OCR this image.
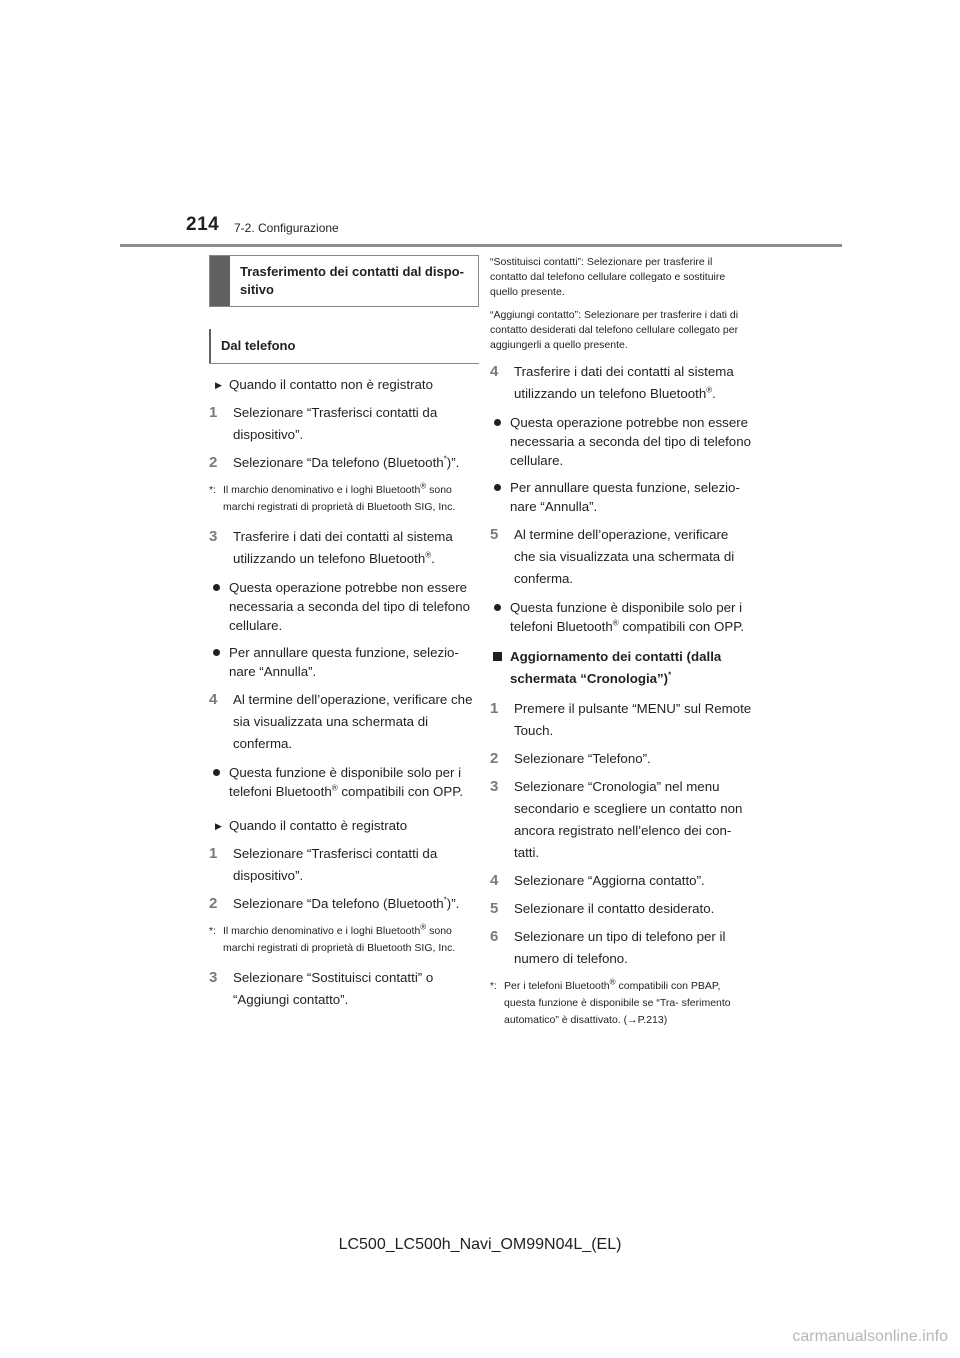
214 7-2. Configurazione
Trasferimento dei contatti dal dispo- sitivo
Dal telefono
▶ Quando il contatto non è registrato
1 Selezionare “Trasferisci contatti da dispositivo”.
2 Selezionare “Da telefono (Bluetooth*)”.
*: Il marchio denominativo e i loghi Bluetooth® sono marchi registrati di proprietà di Bluetooth SIG, Inc.
3 Trasferire i dati dei contatti al sistema utilizzando un telefono Bluetooth®.
Questa operazione potrebbe non essere necessaria a seconda del tipo di telefono cellulare.
Per annullare questa funzione, selezio- nare “Annulla”.
4 Al termine dell’operazione, verificare che sia visualizzata una schermata di conferma.
Questa funzione è disponibile solo per i telefoni Bluetooth® compatibili con OPP.
▶ Quando il contatto è registrato
1 Selezionare “Trasferisci contatti da dispositivo”.
2 Selezionare “Da telefono (Bluetooth*)”.
*: Il marchio denominativo e i loghi Bluetooth® sono marchi registrati di proprietà di Bluetooth SIG, Inc.
3 Selezionare “Sostituisci contatti” o “Aggiungi contatto”.

“Sostituisci contatti”: Selezionare per trasferire il contatto dal telefono cellulare collegato e sostituire quello presente.

“Aggiungi contatto”: Selezionare per trasferire i dati di contatto desiderati dal telefono cellulare collegato per aggiungerli a quello presente.

4 Trasferire i dati dei contatti al sistema utilizzando un telefono Bluetooth®.
Questa operazione potrebbe non essere necessaria a seconda del tipo di telefono cellulare.
Per annullare questa funzione, selezio- nare “Annulla”.
5 Al termine dell’operazione, verificare che sia visualizzata una schermata di conferma.
Questa funzione è disponibile solo per i telefoni Bluetooth® compatibili con OPP.
Aggiornamento dei contatti (dalla schermata “Cronologia”)*
1 Premere il pulsante “MENU” sul Remote Touch.
2 Selezionare “Telefono”.
3 Selezionare “Cronologia” nel menu secondario e scegliere un contatto non ancora registrato nell’elenco dei con- tatti.
4 Selezionare “Aggiorna contatto”.
5 Selezionare il contatto desiderato.
6 Selezionare un tipo di telefono per il numero di telefono.
*: Per i telefoni Bluetooth® compatibili con PBAP, questa funzione è disponibile se “Tra- sferimento automatico” è disattivato. (→P.213)
LC500_LC500h_Navi_OM99N04L_(EL)
carmanualsonline.info
